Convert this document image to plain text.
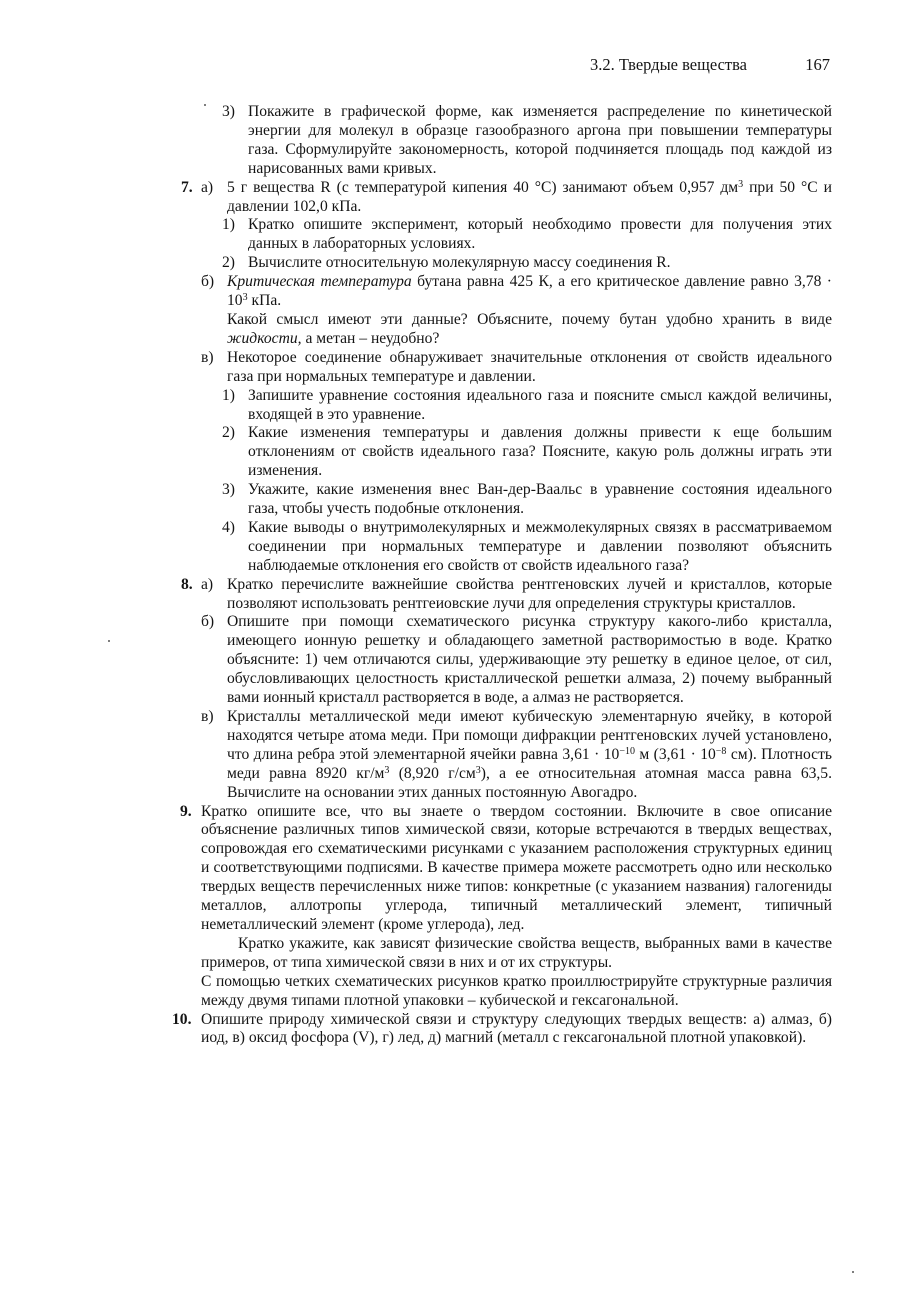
3.2. Твердые вещества	167
3) Покажите в графической форме, как изменяется распределение по кинетической энергии для молекул в образце газообразного аргона при повышении температуры газа. Сформулируйте закономерность, которой подчиняется площадь под каждой из нарисованных вами кривых.
7. а) 5 г вещества R (с температурой кипения 40 °С) занимают объем 0,957 $дм^3$ при 50 °С и давлении 102,0 кПа.
1) Кратко опишите эксперимент, который необходимо провести для получения этих данных в лабораторных условиях.
2) Вычислите относительную молекулярную массу соединения R.
б) Критическая температура бутана равна 425 К, а его критическое давление равно $3,78 \cdot 10^3$ кПа.
Какой смысл имеют эти данные? Объясните, почему бутан удобно хранить в виде жидкости, а метан – неудобно?
в) Некоторое соединение обнаруживает значительные отклонения от свойств идеального газа при нормальных температуре и давлении.
1) Запишите уравнение состояния идеального газа и поясните смысл каждой величины, входящей в это уравнение.
2) Какие изменения температуры и давления должны привести к еще большим отклонениям от свойств идеального газа? Поясните, какую роль должны играть эти изменения.
3) Укажите, какие изменения внес Ван-дер-Ваальс в уравнение состояния идеального газа, чтобы учесть подобные отклонения.
4) Какие выводы о внутримолекулярных и межмолекулярных связях в рассматриваемом соединении при нормальных температуре и давлении позволяют объяснить наблюдаемые отклонения его свойств от свойств идеального газа?
8. а) Кратко перечислите важнейшие свойства рентгеновских лучей и кристаллов, которые позволяют использовать рентгеиовские лучи для определения структуры кристаллов.
б) Опишите при помощи схематического рисунка структуру какого-либо кристалла, имеющего ионную решетку и обладающего заметной растворимостью в воде. Кратко объясните: 1) чем отличаются силы, удерживающие эту решетку в единое целое, от сил, обусловливающих целостность кристаллической решетки алмаза, 2) почему выбранный вами ионный кристалл растворяется в воде, а алмаз не растворяется.
в) Кристаллы металлической меди имеют кубическую элементарную ячейку, в которой находятся четыре атома меди. При помощи дифракции рентгеновских лучей установлено, что длина ребра этой элементарной ячейки равна $3,61 \cdot 10^{-10}$ м ($3,61 \cdot 10^{-8}$ см). Плотность меди равна 8920 $кг/м^3$ (8,920 $г/см^3$), а ее относительная атомная масса равна 63,5. Вычислите на основании этих данных постоянную Авогадро.
9. Кратко опишите все, что вы знаете о твердом состоянии. Включите в свое описание объяснение различных типов химической связи, которые встречаются в твердых веществах, сопровождая его схематическими рисунками с указанием расположения структурных единиц и соответствующими подписями. В качестве примера можете рассмотреть одно или несколько твердых веществ перечисленных ниже типов: конкретные (с указанием названия) галогениды металлов, аллотропы углерода, типичный металлический элемент, типичный неметаллический элемент (кроме углерода), лед.
Кратко укажите, как зависят физические свойства веществ, выбранных вами в качестве примеров, от типа химической связи в них и от их структуры.
С помощью четких схематических рисунков кратко проиллюстрируйте структурные различия между двумя типами плотной упаковки – кубической и гексагональной.
10. Опишите природу химической связи и структуру следующих твердых веществ: а) алмаз, б) иод, в) оксид фосфора (V), г) лед, д) магний (металл с гексагональной плотной упаковкой).
